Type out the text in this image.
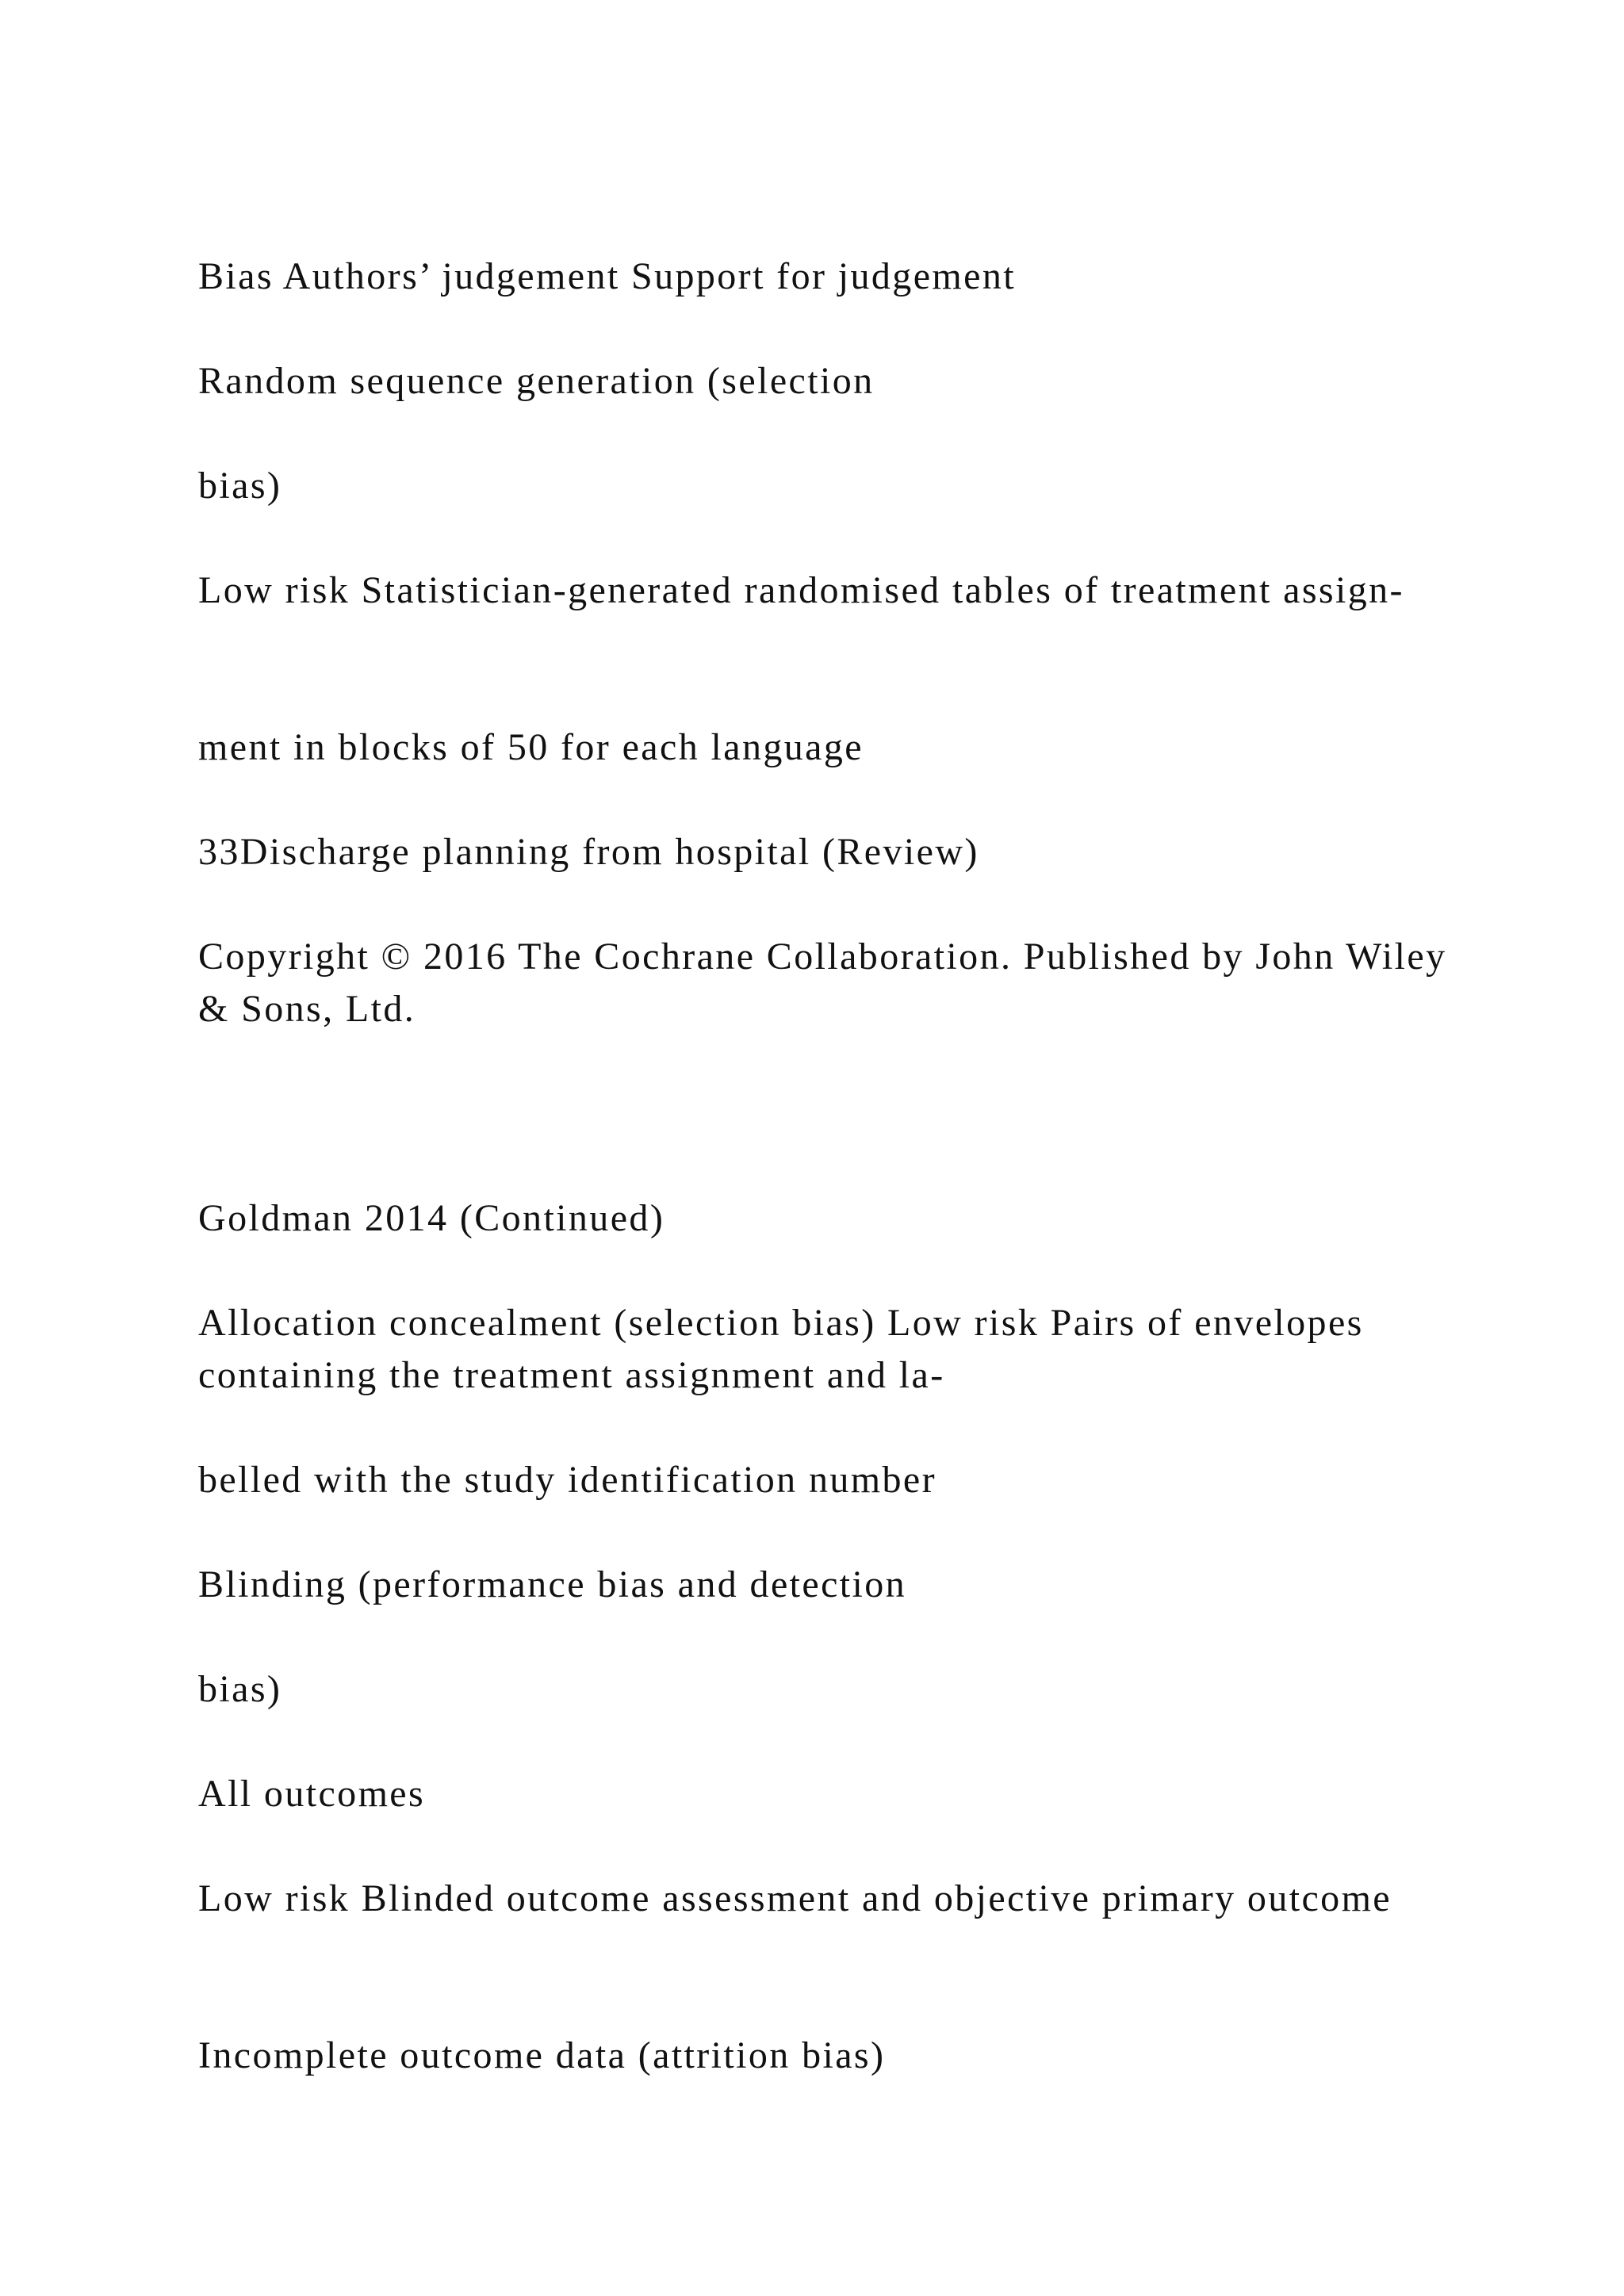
Bias Authors’ judgement Support for judgement

Random sequence generation (selection

bias)

Low risk Statistician-generated randomised tables of treatment assign-

ment in blocks of 50 for each language

33Discharge planning from hospital (Review)

Copyright © 2016 The Cochrane Collaboration. Published by John Wiley & Sons, Ltd.

Goldman 2014 (Continued)

Allocation concealment (selection bias) Low risk Pairs of envelopes containing the treatment assignment and la-

belled with the study identification number

Blinding (performance bias and detection

bias)

All outcomes

Low risk Blinded outcome assessment and objective primary outcome

Incomplete outcome data (attrition bias)
